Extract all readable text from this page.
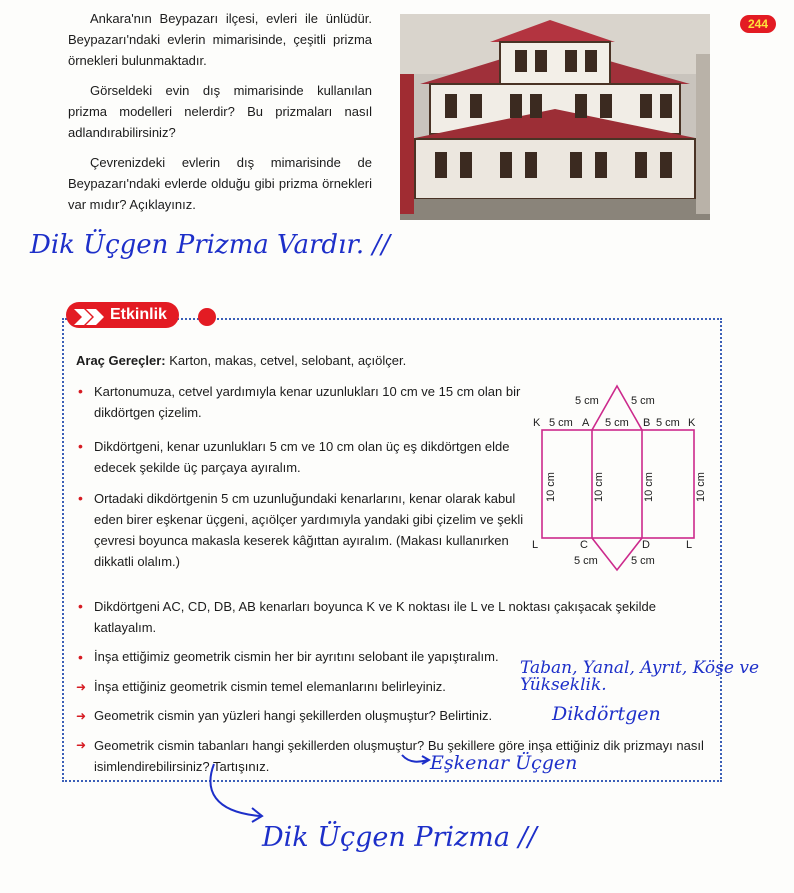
Ankara'nın Beypazarı ilçesi, evleri ile ünlüdür. Beypazarı'ndaki evlerin mimarisinde, çeşitli prizma örnekleri bulunmaktadır.

Görseldeki evin dış mimarisinde kullanılan prizma modelleri nelerdir? Bu prizmaları nasıl adlandırabilirsiniz?

Çevrenizdeki evlerin dış mimarisinde de Beypazarı'ndaki evlerde olduğu gibi prizma örnekleri var mıdır? Açıklayınız.

244
Dik Üçgen Prizma Vardır. //
Etkinlik
Araç Gereçler: Karton, makas, cetvel, selobant, açıölçer.
• Kartonumuza, cetvel yardımıyla kenar uzunlukları 10 cm ve 15 cm olan bir dikdörtgen çizelim.
• Dikdörtgeni, kenar uzunlukları 5 cm ve 10 cm olan üç eş dikdörtgen elde edecek şekilde üç parçaya ayıralım.
• Ortadaki dikdörtgenin 5 cm uzunluğundaki kenarlarını, kenar olarak kabul eden birer eşkenar üçgeni, açıölçer yardımıyla yandaki gibi çizelim ve şekli çevresi boyunca makasla keserek kâğıttan ayıralım. (Makası kullanırken dikkatli olalım.)
• Dikdörtgeni AC, CD, DB, AB kenarları boyunca K ve K noktası ile L ve L noktası çakışacak şekilde katlayalım.
• İnşa ettiğimiz geometrik cismin her bir ayrıtını selobant ile yapıştıralım.
➜ İnşa ettiğiniz geometrik cismin temel elemanlarını belirleyiniz.
➜ Geometrik cismin yan yüzleri hangi şekillerden oluşmuştur? Belirtiniz.
➜ Geometrik cismin tabanları hangi şekillerden oluşmuştur? Bu şekillere göre inşa ettiğiniz dik prizmayı nasıl isimlendirebilirsiniz? Tartışınız.
Taban, Yanal, Ayrıt, Köşe ve Yükseklik.
Dikdörtgen
Eşkenar Üçgen
Dik Üçgen Prizma //
5 cm	5 cm
K 5 cm A 5 cm B 5 cm K
10 cm	10 cm	10 cm	10 cm
L	C	D	L
5 cm	5 cm
